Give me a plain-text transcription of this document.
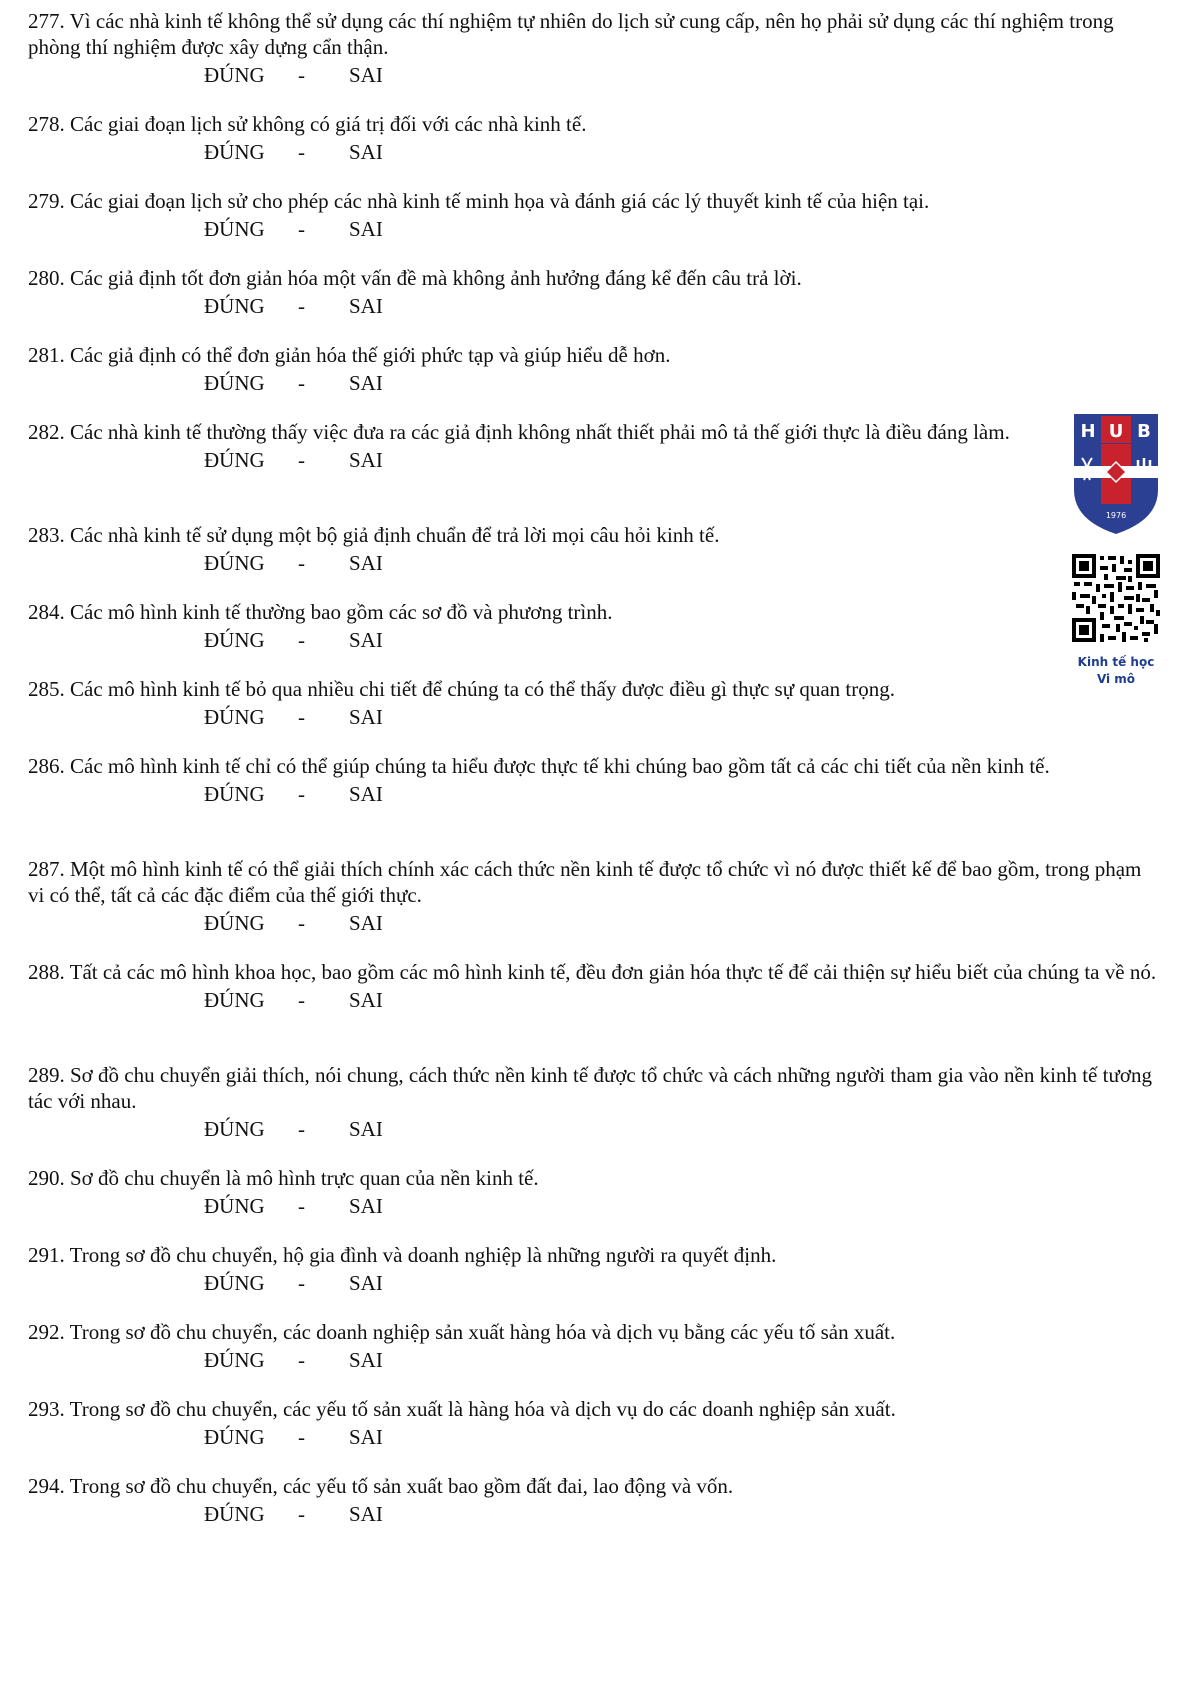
277. Vì các nhà kinh tế không thể sử dụng các thí nghiệm tự nhiên do lịch sử cung cấp, nên họ phải sử dụng các thí nghiệm trong phòng thí nghiệm được xây dựng cẩn thận.
ĐÚNG - SAI
278. Các giai đoạn lịch sử không có giá trị đối với các nhà kinh tế.
ĐÚNG - SAI
279. Các giai đoạn lịch sử cho phép các nhà kinh tế minh họa và đánh giá các lý thuyết kinh tế của hiện tại.
ĐÚNG - SAI
280. Các giả định tốt đơn giản hóa một vấn đề mà không ảnh hưởng đáng kể đến câu trả lời.
ĐÚNG - SAI
281. Các giả định có thể đơn giản hóa thế giới phức tạp và giúp hiểu dễ hơn.
ĐÚNG - SAI
282. Các nhà kinh tế thường thấy việc đưa ra các giả định không nhất thiết phải mô tả thế giới thực là điều đáng làm.
ĐÚNG - SAI
283. Các nhà kinh tế sử dụng một bộ giả định chuẩn để trả lời mọi câu hỏi kinh tế.
ĐÚNG - SAI
284. Các mô hình kinh tế thường bao gồm các sơ đồ và phương trình.
ĐÚNG - SAI
285. Các mô hình kinh tế bỏ qua nhiều chi tiết để chúng ta có thể thấy được điều gì thực sự quan trọng.
ĐÚNG - SAI
286. Các mô hình kinh tế chỉ có thể giúp chúng ta hiểu được thực tế khi chúng bao gồm tất cả các chi tiết của nền kinh tế.
ĐÚNG - SAI
287. Một mô hình kinh tế có thể giải thích chính xác cách thức nền kinh tế được tổ chức vì nó được thiết kế để bao gồm, trong phạm vi có thể, tất cả các đặc điểm của thế giới thực.
ĐÚNG - SAI
288. Tất cả các mô hình khoa học, bao gồm các mô hình kinh tế, đều đơn giản hóa thực tế để cải thiện sự hiểu biết của chúng ta về nó.
ĐÚNG - SAI
289. Sơ đồ chu chuyển giải thích, nói chung, cách thức nền kinh tế được tổ chức và cách những người tham gia vào nền kinh tế tương tác với nhau.
ĐÚNG - SAI
290. Sơ đồ chu chuyển là mô hình trực quan của nền kinh tế.
ĐÚNG - SAI
291. Trong sơ đồ chu chuyển, hộ gia đình và doanh nghiệp là những người ra quyết định.
ĐÚNG - SAI
292. Trong sơ đồ chu chuyển, các doanh nghiệp sản xuất hàng hóa và dịch vụ bằng các yếu tố sản xuất.
ĐÚNG - SAI
293. Trong sơ đồ chu chuyển, các yếu tố sản xuất là hàng hóa và dịch vụ do các doanh nghiệp sản xuất.
ĐÚNG - SAI
294. Trong sơ đồ chu chuyển, các yếu tố sản xuất bao gồm đất đai, lao động và vốn.
ĐÚNG - SAI
H U B
1976
Kinh tế học
Vi mô
